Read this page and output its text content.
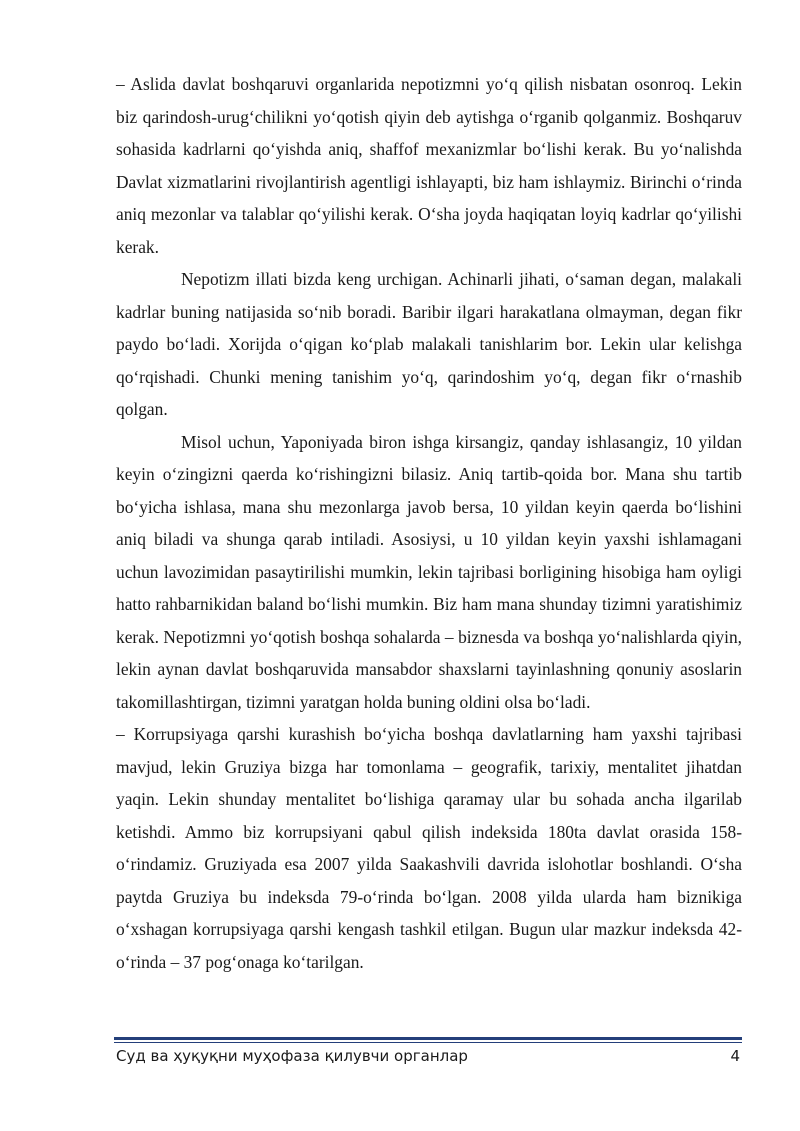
– Aslida davlat boshqaruvi organlarida nepotizmni yo‘q qilish nisbatan osonroq. Lekin biz qarindosh-urug‘chilikni yo‘qotish qiyin deb aytishga o‘rganib qolganmiz. Boshqaruv sohasida kadrlarni qo‘yishda aniq, shaffof mexanizmlar bo‘lishi kerak. Bu yo‘nalishda Davlat xizmatlarini rivojlantirish agentligi ishlayapti, biz ham ishlaymiz. Birinchi o‘rinda aniq mezonlar va talablar qo‘yilishi kerak. O‘sha joyda haqiqatan loyiq kadrlar qo‘yilishi kerak.

Nepotizm illati bizda keng urchigan. Achinarli jihati, o‘saman degan, malakali kadrlar buning natijasida so‘nib boradi. Baribir ilgari harakatlana olmayman, degan fikr paydo bo‘ladi. Xorijda o‘qigan ko‘plab malakali tanishlarim bor. Lekin ular kelishga qo‘rqishadi. Chunki mening tanishim yo‘q, qarindoshim yo‘q, degan fikr o‘rnashib qolgan.

Misol uchun, Yaponiyada biron ishga kirsangiz, qanday ishlasangiz, 10 yildan keyin o‘zingizni qaerda ko‘rishingizni bilasiz. Aniq tartib-qoida bor. Mana shu tartib bo‘yicha ishlasa, mana shu mezonlarga javob bersa, 10 yildan keyin qaerda bo‘lishini aniq biladi va shunga qarab intiladi. Asosiysi, u 10 yildan keyin yaxshi ishlamagani uchun lavozimidan pasaytirilishi mumkin, lekin tajribasi borligining hisobiga ham oyligi hatto rahbarnikidan baland bo‘lishi mumkin. Biz ham mana shunday tizimni yaratishimiz kerak. Nepotizmni yo‘qotish boshqa sohalarda – biznesda va boshqa yo‘nalishlarda qiyin, lekin aynan davlat boshqaruvida mansabdor shaxslarni tayinlashning qonuniy asoslarin takomillashtirgan, tizimni yaratgan holda buning oldini olsa bo‘ladi.

– Korrupsiyaga qarshi kurashish bo‘yicha boshqa davlatlarning ham yaxshi tajribasi mavjud, lekin Gruziya bizga har tomonlama – geografik, tarixiy, mentalitet jihatdan yaqin. Lekin shunday mentalitet bo‘lishiga qaramay ular bu sohada ancha ilgarilab ketishdi. Ammo biz korrupsiyani qabul qilish indeksida 180ta davlat orasida 158-o‘rindamiz. Gruziyada esa 2007 yilda Saakashvili davrida islohotlar boshlandi. O‘sha paytda Gruziya bu indeksda 79-o‘rinda bo‘lgan. 2008 yilda ularda ham biznikiga o‘xshagan korrupsiyaga qarshi kengash tashkil etilgan. Bugun ular mazkur indeksda 42-o‘rinda – 37 pog‘onaga ko‘tarilgan.

Суд ва ҳуқуқни муҳофаза қилувчи органлар	4
